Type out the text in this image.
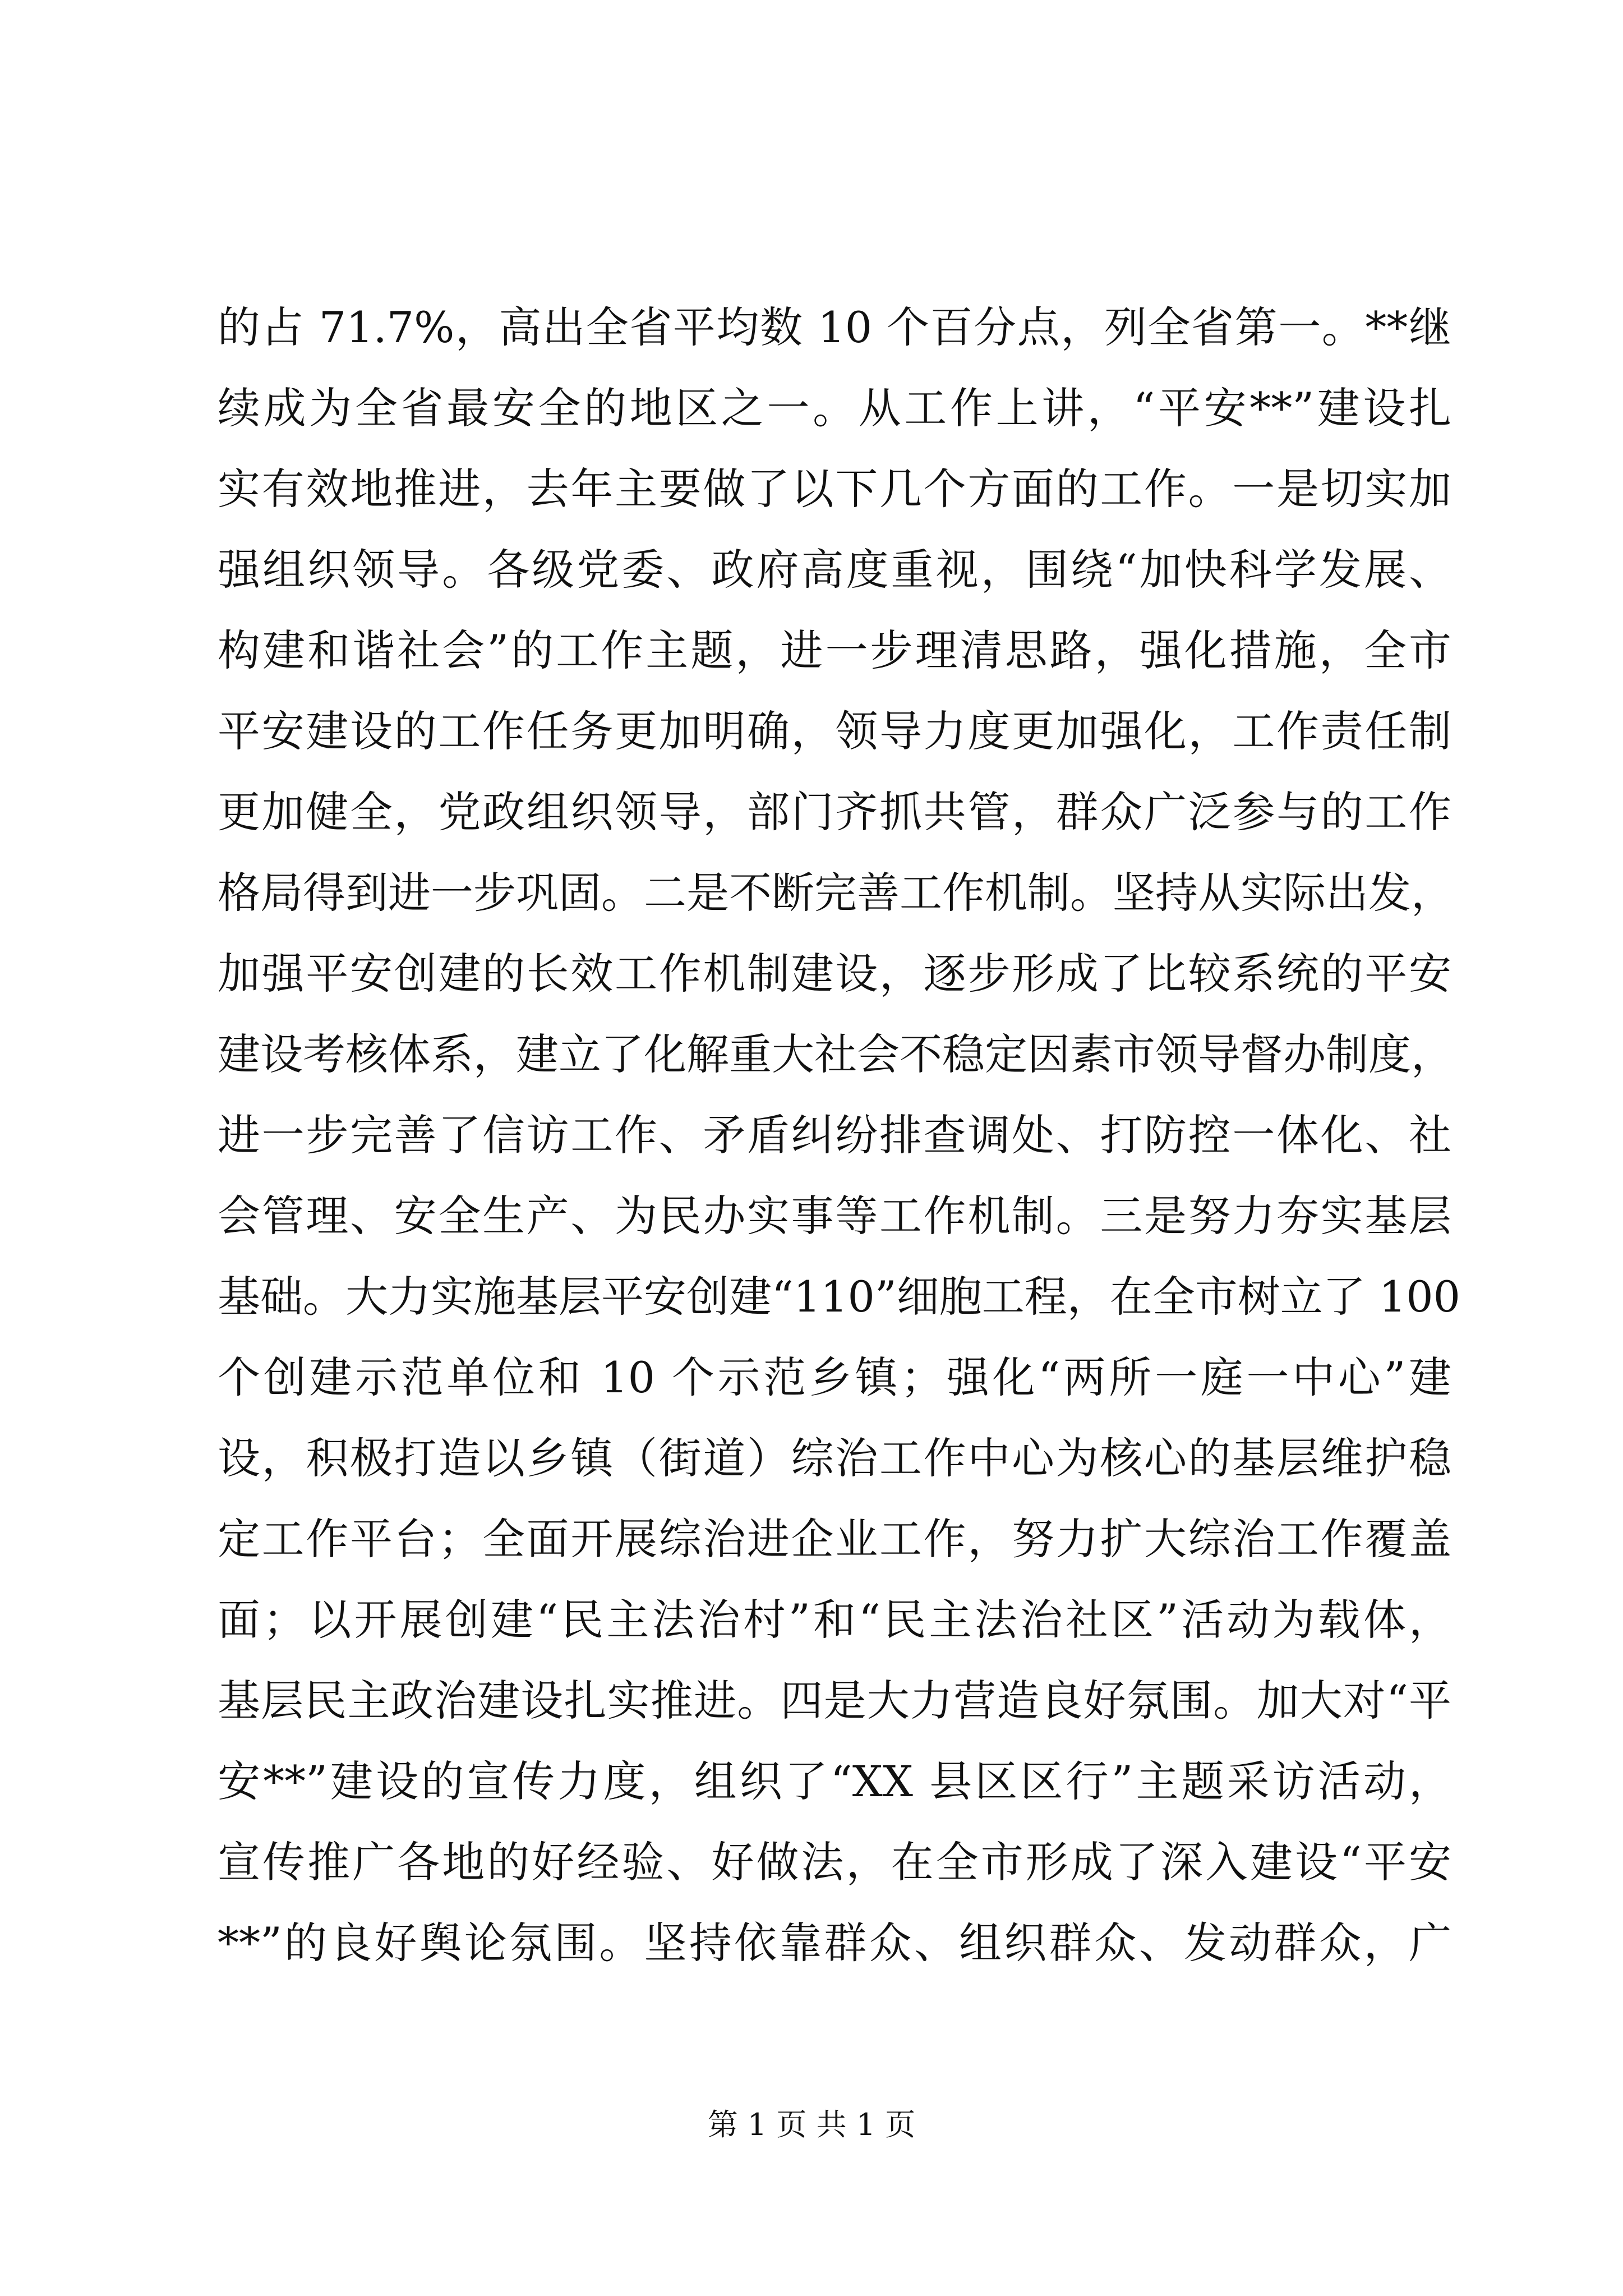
的占 71.7%，高出全省平均数 10 个百分点，列全省第一。**继
续成为全省最安全的地区之一。从工作上讲，“平安**”建设扎
实有效地推进，去年主要做了以下几个方面的工作。一是切实加
强组织领导。各级党委、政府高度重视，围绕“加快科学发展、
构建和谐社会”的工作主题，进一步理清思路，强化措施，全市
平安建设的工作任务更加明确，领导力度更加强化，工作责任制
更加健全，党政组织领导，部门齐抓共管，群众广泛参与的工作
格局得到进一步巩固。二是不断完善工作机制。坚持从实际出发，
加强平安创建的长效工作机制建设，逐步形成了比较系统的平安
建设考核体系，建立了化解重大社会不稳定因素市领导督办制度，
进一步完善了信访工作、矛盾纠纷排查调处、打防控一体化、社
会管理、安全生产、为民办实事等工作机制。三是努力夯实基层
基础。大力实施基层平安创建“110”细胞工程，在全市树立了 100
个创建示范单位和 10 个示范乡镇；强化“两所一庭一中心”建
设，积极打造以乡镇（街道）综治工作中心为核心的基层维护稳
定工作平台；全面开展综治进企业工作，努力扩大综治工作覆盖
面；以开展创建“民主法治村”和“民主法治社区”活动为载体，
基层民主政治建设扎实推进。四是大力营造良好氛围。加大对“平
安**”建设的宣传力度，组织了“XX 县区区行”主题采访活动，
宣传推广各地的好经验、好做法，在全市形成了深入建设“平安
**”的良好舆论氛围。坚持依靠群众、组织群众、发动群众，广
第 1 页 共 1 页
